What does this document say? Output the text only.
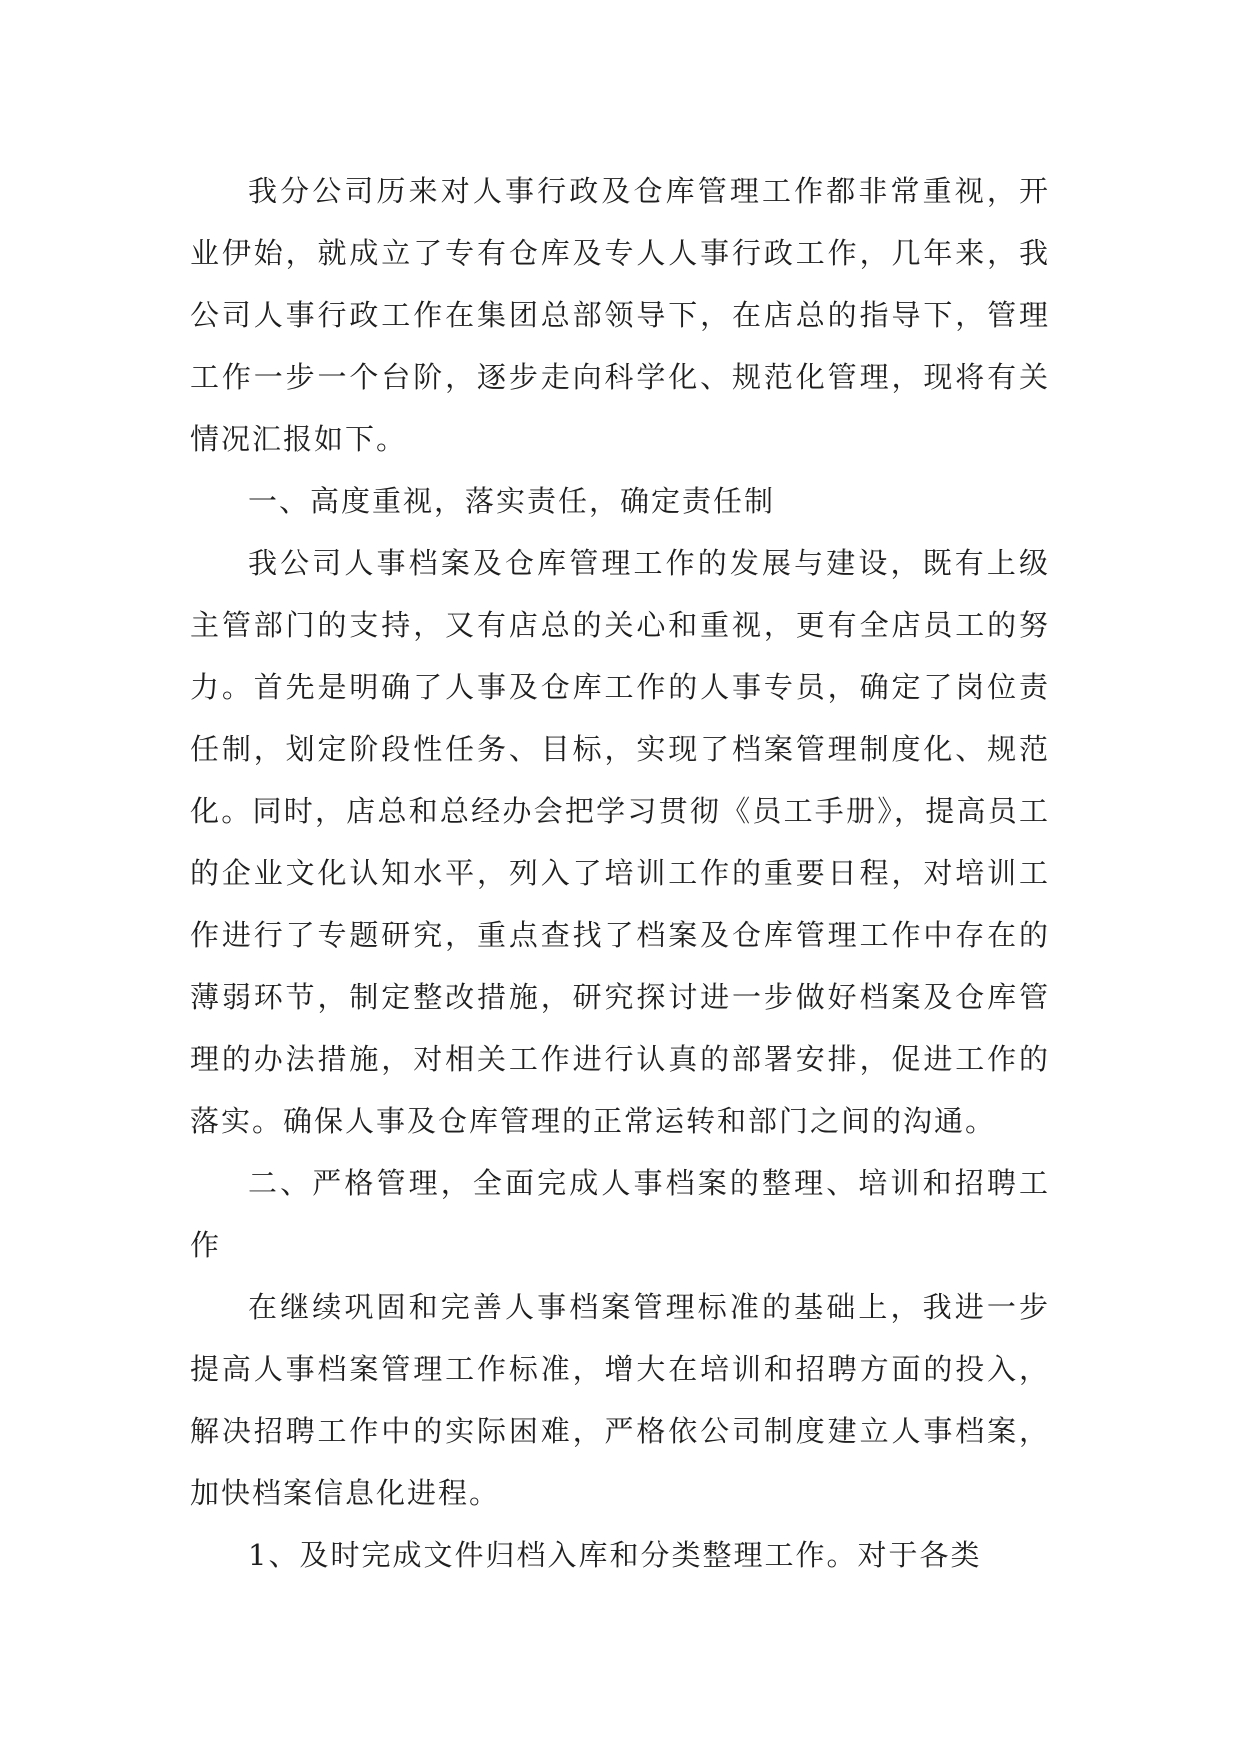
我分公司历来对人事行政及仓库管理工作都非常重视，开业伊始，就成立了专有仓库及专人人事行政工作，几年来，我公司人事行政工作在集团总部领导下，在店总的指导下，管理工作一步一个台阶，逐步走向科学化、规范化管理，现将有关情况汇报如下。

一、高度重视，落实责任，确定责任制

我公司人事档案及仓库管理工作的发展与建设，既有上级主管部门的支持，又有店总的关心和重视，更有全店员工的努力。首先是明确了人事及仓库工作的人事专员，确定了岗位责任制，划定阶段性任务、目标，实现了档案管理制度化、规范化。同时，店总和总经办会把学习贯彻《员工手册》，提高员工的企业文化认知水平，列入了培训工作的重要日程，对培训工作进行了专题研究，重点查找了档案及仓库管理工作中存在的薄弱环节，制定整改措施，研究探讨进一步做好档案及仓库管理的办法措施，对相关工作进行认真的部署安排，促进工作的落实。确保人事及仓库管理的正常运转和部门之间的沟通。

二、严格管理，全面完成人事档案的整理、培训和招聘工作

在继续巩固和完善人事档案管理标准的基础上，我进一步提高人事档案管理工作标准，增大在培训和招聘方面的投入，解决招聘工作中的实际困难，严格依公司制度建立人事档案，加快档案信息化进程。

1、及时完成文件归档入库和分类整理工作。对于各类
